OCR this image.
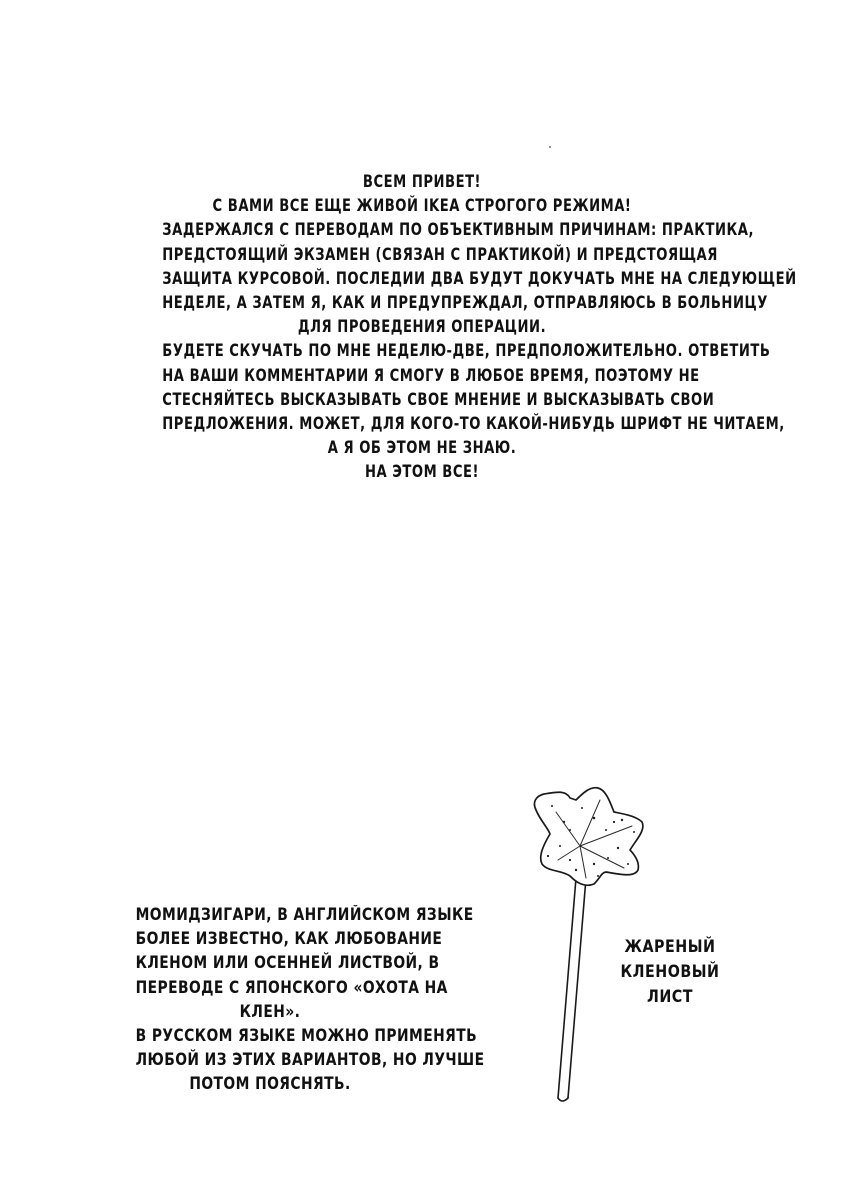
ВСЕМ ПРИВЕТ!
С ВАМИ ВСЕ ЕЩЕ ЖИВОЙ IKEA СТРОГОГО РЕЖИМА!
ЗАДЕРЖАЛСЯ С ПЕРЕВОДАМ ПО ОБЪЕКТИВНЫМ ПРИЧИНАМ: ПРАКТИКА,
ПРЕДСТОЯЩИЙ ЭКЗАМЕН (СВЯЗАН С ПРАКТИКОЙ) И ПРЕДСТОЯЩАЯ
ЗАЩИТА КУРСОВОЙ. ПОСЛЕДИИ ДВА БУДУТ ДОКУЧАТЬ МНЕ НА СЛЕДУЮЩЕЙ
НЕДЕЛЕ, А ЗАТЕМ Я, КАК И ПРЕДУПРЕЖДАЛ, ОТПРАВЛЯЮСЬ В БОЛЬНИЦУ
ДЛЯ ПРОВЕДЕНИЯ ОПЕРАЦИИ.
БУДЕТЕ СКУЧАТЬ ПО МНЕ НЕДЕЛЮ-ДВЕ, ПРЕДПОЛОЖИТЕЛЬНО. ОТВЕТИТЬ
НА ВАШИ КОММЕНТАРИИ Я СМОГУ В ЛЮБОЕ ВРЕМЯ, ПОЭТОМУ НЕ
СТЕСНЯЙТЕСЬ ВЫСКАЗЫВАТЬ СВОЕ МНЕНИЕ И ВЫСКАЗЫВАТЬ СВОИ
ПРЕДЛОЖЕНИЯ. МОЖЕТ, ДЛЯ КОГО-ТО КАКОЙ-НИБУДЬ ШРИФТ НЕ ЧИТАЕМ,
А Я ОБ ЭТОМ НЕ ЗНАЮ.
НА ЭТОМ ВСЕ!
МОМИДЗИГАРИ, В АНГЛИЙСКОМ ЯЗЫКЕ
БОЛЕЕ ИЗВЕСТНО, КАК ЛЮБОВАНИЕ
КЛЕНОМ ИЛИ ОСЕННЕЙ ЛИСТВОЙ, В
ПЕРЕВОДЕ С ЯПОНСКОГО «ОХОТА НА
КЛЕН».
В РУССКОМ ЯЗЫКЕ МОЖНО ПРИМЕНЯТЬ
ЛЮБОЙ ИЗ ЭТИХ ВАРИАНТОВ, НО ЛУЧШЕ
ПОТОМ ПОЯСНЯТЬ.
ЖАРЕНЫЙ
КЛЕНОВЫЙ
ЛИСТ
